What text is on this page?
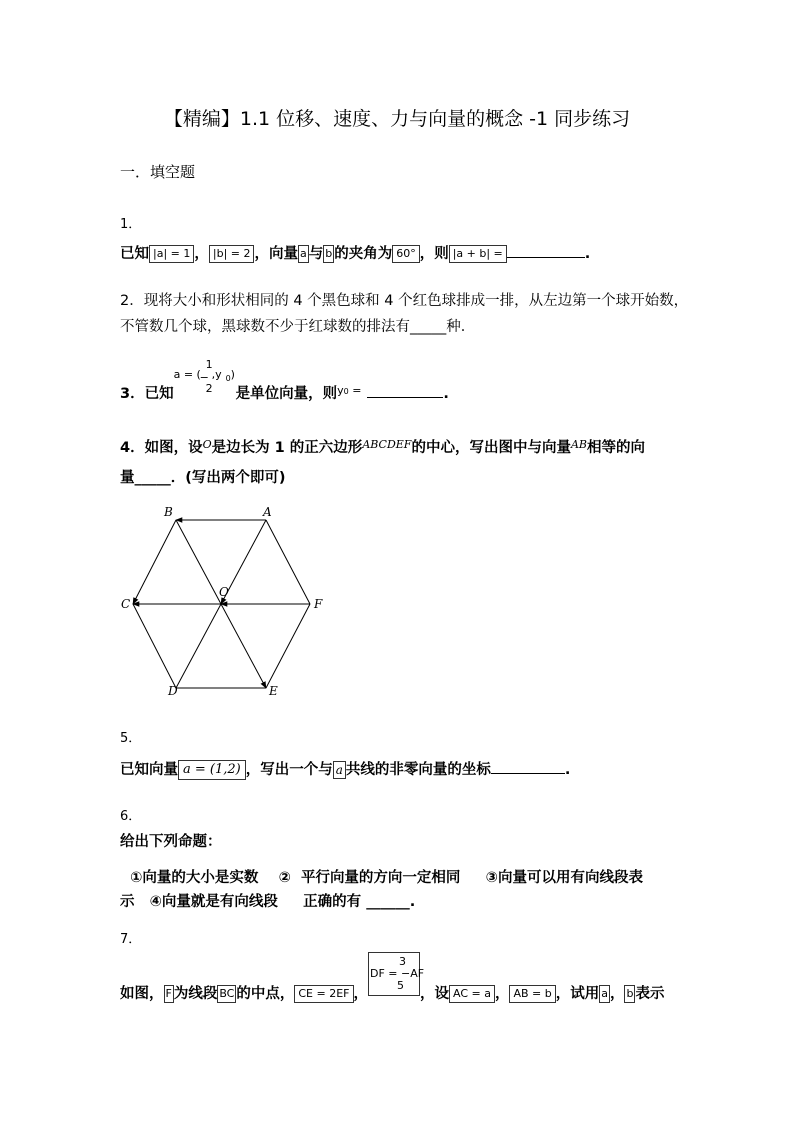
【精编】1.1 位移、速度、力与向量的概念 -1 同步练习
一．填空题
1．
已知 |a| = 1 ， |b| = 2 ，向量 a 与 b 的夹角为 60° ，则 |a + b| =	.
2．现将大小和形状相同的 4 个黑色球和 4 个红色球排成一排，从左边第一个球开始数，
不管数几个球，黑球数不少于红球数的排法有_____种．
3．已知
a = (
−
1
2
,y 0 )
是单位向量，则$_{y0 =}$	.
4．如图，设$^O$是边长为 1 的正六边形$^{ABCDEF}$的中心，写出图中与向量$^{AB}$相等的向
量_____．(写出两个即可)
A
B
C
D	E
F
O
5．
已知向量 a = (1,2) ，写出一个与 a 共线的非零向量的坐标	.
6．
给出下列命题：
①向量的大小是实数    ②  平行向量的方向一定相同     ③向量可以用有向线段表
示   ④向量就是有向线段     正确的有 ______.
7．
如图， F 为线段 BC 的中点， CE = 2EF ，
3
DF = −AF
5
，设 AC = a ， AB = b ，试用 a ， b 表示
